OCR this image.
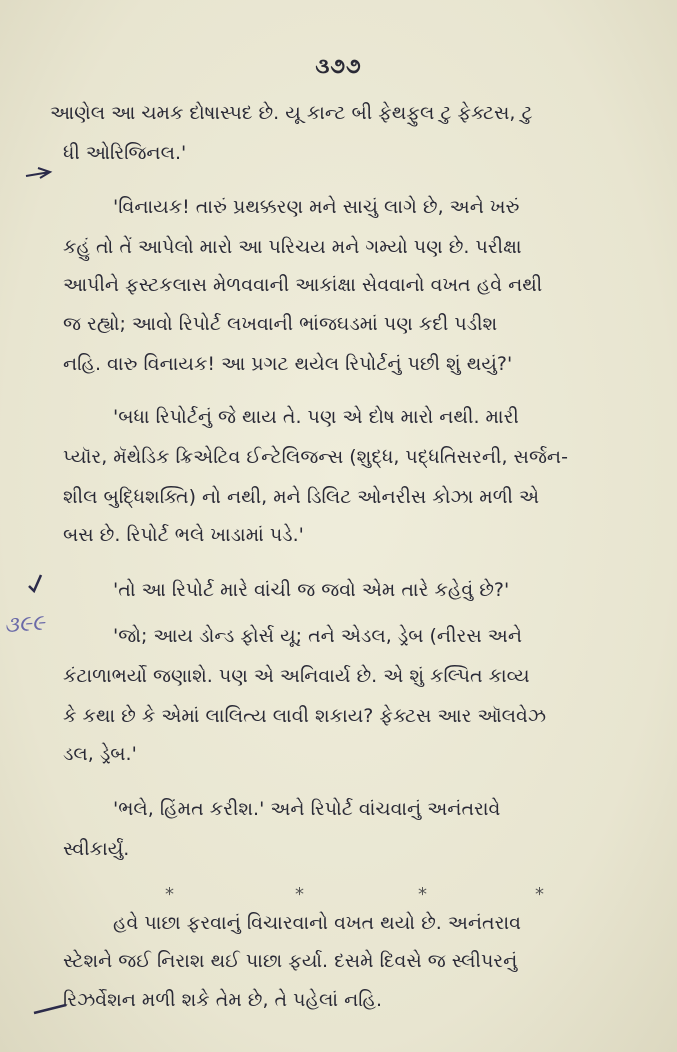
૩૭૭
આણેલ આ ચમક દોષાસ્પદ છે. યૂ કાન્ટ બી ફેથફુલ ટુ ફેક્ટસ, ટુ
ધી ઓરિજિનલ.'
'વિનાયક! તારું પ્રથક્કરણ મને સાચું લાગે છે, અને ખરું
કહું તો તેં આપેલો મારો આ પરિચય મને ગમ્યો પણ છે. પરીક્ષા
આપીને ફસ્ટકલાસ મેળવવાની આકાંક્ષા સેવવાનો વખત હવે નથી
જ રહ્યો; આવો રિપોર્ટ લખવાની ભાંજઘડમાં પણ કદી પડીશ
નહિ. વારુ વિનાયક! આ પ્રગટ થયેલ રિપોર્ટનું પછી શું થયું?'
'બધા રિપોર્ટનું જે થાય તે. પણ એ દોષ મારો નથી. મારી
પ્યૉર, મૅથેડિક ક્રિએટિવ ઈન્ટેલિજન્સ (શુદ્ધ, પદ્ધતિસરની, સર્જન-
શીલ બુદ્ધિશક્તિ) નો નથી, મને ડિલિટ ઓનરીસ કોઝા મળી એ
બસ છે. રિપોર્ટ ભલે ખાડામાં પડે.'
'તો આ રિપોર્ટ મારે વાંચી જ જવો એમ તારે કહેવું છે?'
'જો; આય ડોન્ડ ફોર્સ યૂ; તને એડલ, ડ્રેબ (નીરસ અને
કંટાળાભર્યો જણાશે. પણ એ અનિવાર્ય છે. એ શું કલ્પિત કાવ્ય
કે કથા છે કે એમાં લાલિત્ય લાવી શકાય? ફેક્ટસ આર ઑલવેઝ
ડલ, ડ્રેબ.'
'ભલે, હિંમત કરીશ.' અને રિપોર્ટ વાંચવાનું અનંતરાવે
સ્વીકાર્યું.
*	*	*	*
હવે પાછા ફરવાનું વિચારવાનો વખત થયો છે. અનંતરાવ
સ્ટેશને જઈ નિરાશ થઈ પાછા ફર્યા. દસમે દિવસે જ સ્લીપરનું
રિઝર્વેશન મળી શકે તેમ છે, તે પહેલાં નહિ.
૩૯૯
